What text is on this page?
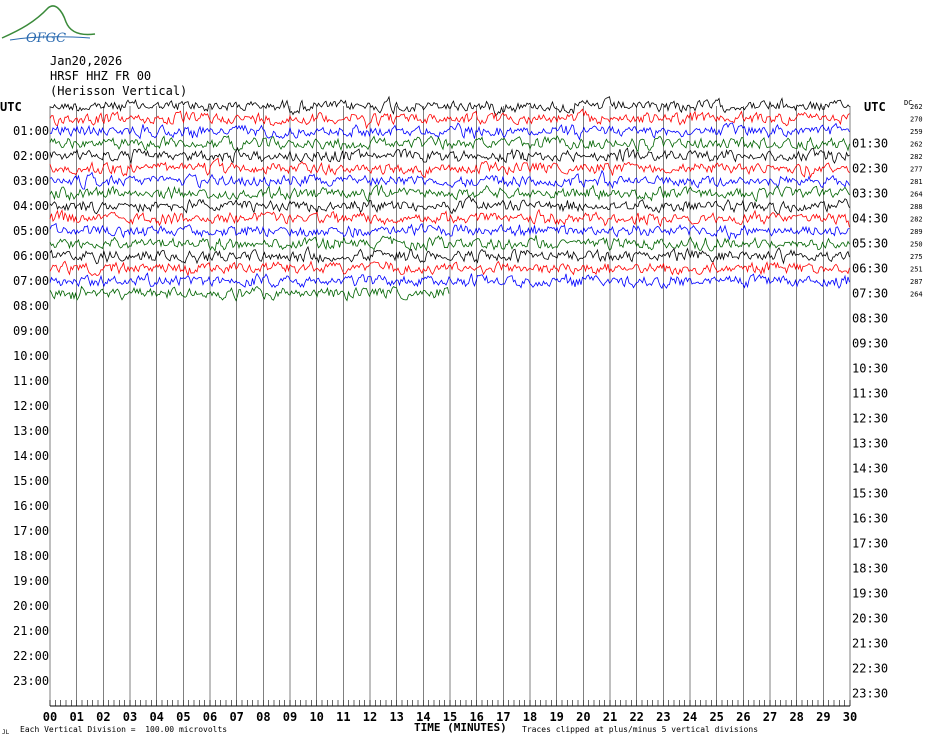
OFGC
Jan20,2026
HRSF HHZ FR 00
(Herisson Vertical)
01:00
02:00
03:00
04:00
05:00
06:00
07:00
08:00
09:00
10:00
11:00
12:00
13:00
14:00
15:00
16:00
17:00
18:00
19:00
20:00
21:00
22:00
23:00
01:30
02:30
03:30
04:30
05:30
06:30
07:30
08:30
09:30
10:30
11:30
12:30
13:30
14:30
15:30
16:30
17:30
18:30
19:30
20:30
21:30
22:30
23:30
262
270
259
262
282
277
281
264
288
282
289
250
275
251
287
264
00 01 02 03 04 05 06 07 08 09 10 11 12 13 14 15 16 17 18 19 20 21 22 23 24 25 26 27 28 29 30
UTC	UTC	DC
JL Each Vertical Division =  100.00 microvolts	TIME (MINUTES) Traces clipped at plus/minus 5 vertical divisions
